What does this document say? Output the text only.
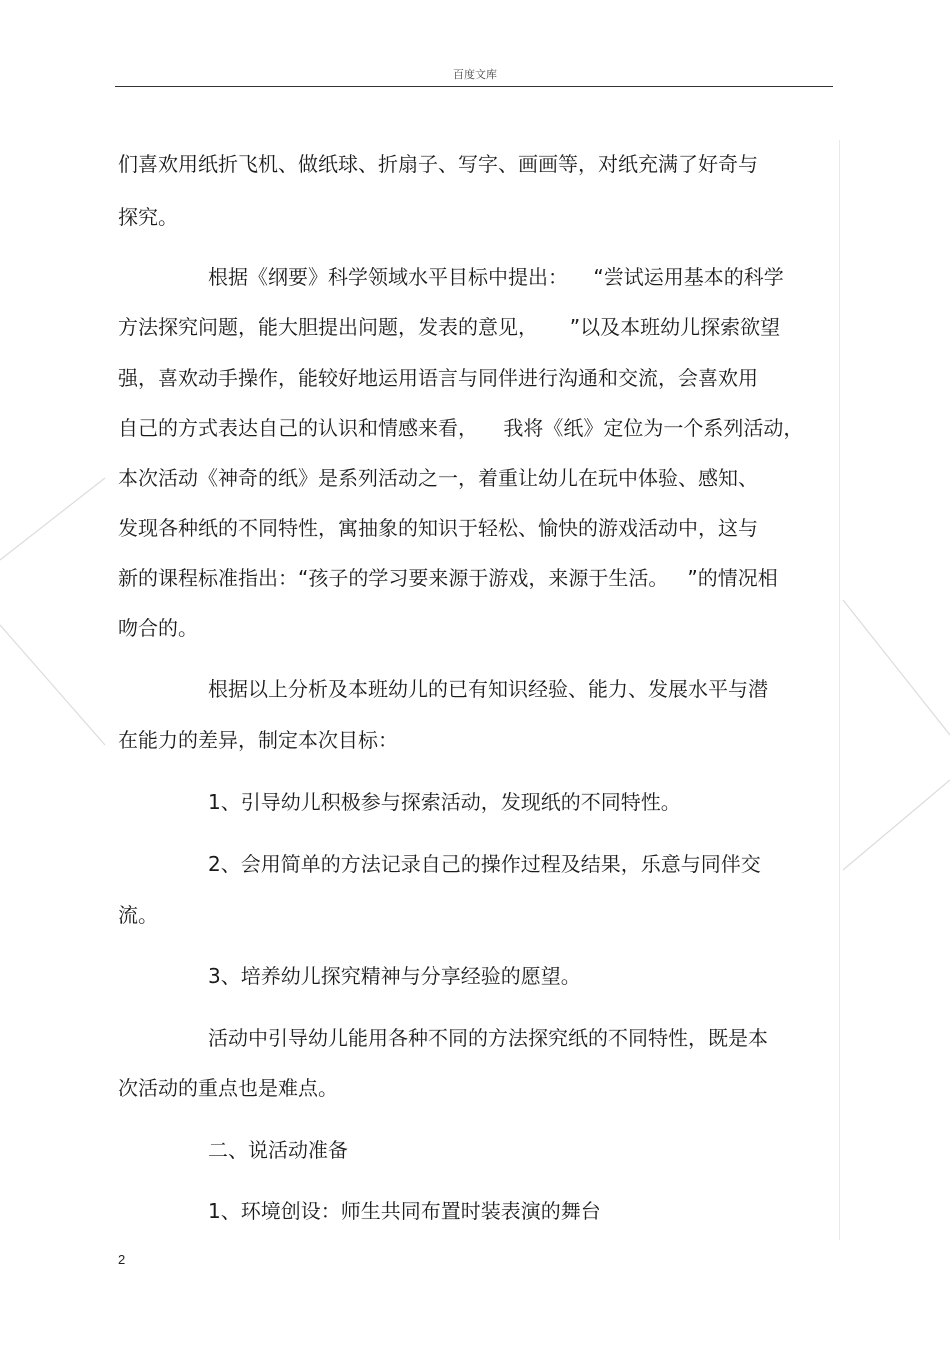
百度文库
们喜欢用纸折飞机、做纸球、折扇子、写字、画画等，对纸充满了好奇与
探究。
根据《纲要》科学领域水平目标中提出：    “尝试运用基本的科学
方法探究问题，能大胆提出问题，发表的意见，     ”以及本班幼儿探索欲望
强，喜欢动手操作，能较好地运用语言与同伴进行沟通和交流，会喜欢用
自己的方式表达自己的认识和情感来看，    我将《纸》定位为一个系列活动，
本次活动《神奇的纸》是系列活动之一，着重让幼儿在玩中体验、感知、
发现各种纸的不同特性，寓抽象的知识于轻松、愉快的游戏活动中，这与
新的课程标准指出：“孩子的学习要来源于游戏，来源于生活。   ”的情况相
吻合的。
根据以上分析及本班幼儿的已有知识经验、能力、发展水平与潜
在能力的差异，制定本次目标：
1、引导幼儿积极参与探索活动，发现纸的不同特性。
2、会用简单的方法记录自己的操作过程及结果，乐意与同伴交
流。
3、培养幼儿探究精神与分享经验的愿望。
活动中引导幼儿能用各种不同的方法探究纸的不同特性，既是本
次活动的重点也是难点。
二、说活动准备
1、环境创设：师生共同布置时装表演的舞台
2
